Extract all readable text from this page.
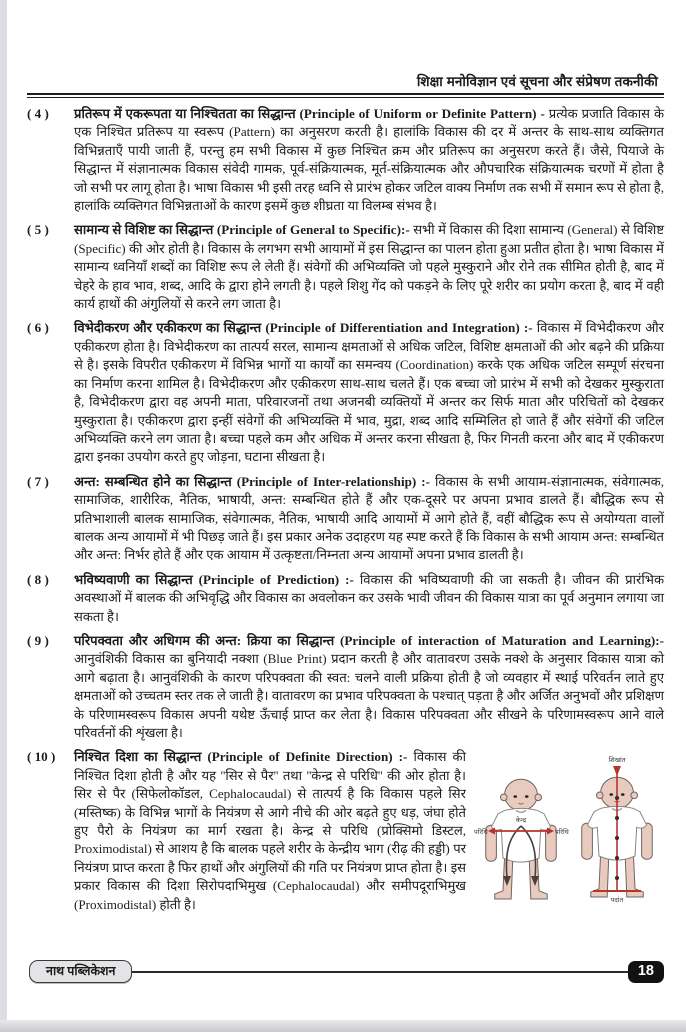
शिक्षा मनोविज्ञान एवं सूचना और संप्रेषण तकनीकी
( 4 )	प्रतिरूप में एकरूपता या निश्चितता का सिद्धान्त (Principle of Uniform or Definite Pattern) - प्रत्येक प्रजाति विकास के एक निश्चित प्रतिरूप या स्वरूप (Pattern) का अनुसरण करती है। हालांकि विकास की दर में अन्तर के साथ-साथ व्यक्तिगत विभिन्नताएँ पायी जाती हैं, परन्तु हम सभी विकास में कुछ निश्चित क्रम और प्रतिरूप का अनुसरण करते हैं। जैसे, पियाजे के सिद्धान्त में संज्ञानात्मक विकास संवेदी गामक, पूर्व-संक्रियात्मक, मूर्त-संक्रियात्मक और औपचारिक संक्रियात्मक चरणों में होता है जो सभी पर लागू होता है। भाषा विकास भी इसी तरह ध्वनि से प्रारंभ होकर जटिल वाक्य निर्माण तक सभी में समान रूप से होता है, हालांकि व्यक्तिगत विभिन्नताओं के कारण इसमें कुछ शीघ्रता या विलम्ब संभव है।
( 5 )	सामान्य से विशिष्ट का सिद्धान्त (Principle of General to Specific):- सभी में विकास की दिशा सामान्य (General) से विशिष्ट (Specific) की ओर होती है। विकास के लगभग सभी आयामों में इस सिद्धान्त का पालन होता हुआ प्रतीत होता है। भाषा विकास में सामान्य ध्वनियाँ शब्दों का विशिष्ट रूप ले लेती हैं। संवेगों की अभिव्यक्ति जो पहले मुस्कुराने और रोने तक सीमित होती है, बाद में चेहरे के हाव भाव, शब्द, आदि के द्वारा होने लगती है। पहले शिशु गेंद को पकड़ने के लिए पूरे शरीर का प्रयोग करता है, बाद में वही कार्य हाथों की अंगुलियों से करने लग जाता है।
( 6 )	विभेदीकरण और एकीकरण का सिद्धान्त (Principle of Differentiation and Integration) :- विकास में विभेदीकरण और एकीकरण होता है। विभेदीकरण का तात्पर्य सरल, सामान्य क्षमताओं से अधिक जटिल, विशिष्ट क्षमताओं की ओर बढ़ने की प्रक्रिया से है। इसके विपरीत एकीकरण में विभिन्न भागों या कार्यों का समन्वय (Coordination) करके एक अधिक जटिल सम्पूर्ण संरचना का निर्माण करना शामिल है। विभेदीकरण और एकीकरण साथ-साथ चलते हैं। एक बच्चा जो प्रारंभ में सभी को देखकर मुस्कुराता है, विभेदीकरण द्वारा वह अपनी माता, परिवारजनों तथा अजनबी व्यक्तियों में अन्तर कर सिर्फ माता और परिचितों को देखकर मुस्कुराता है। एकीकरण द्वारा इन्हीं संवेगों की अभिव्यक्ति में भाव, मुद्रा, शब्द आदि सम्मिलित हो जाते हैं और संवेगों की जटिल अभिव्यक्ति करने लग जाता है। बच्चा पहले कम और अधिक में अन्तर करना सीखता है, फिर गिनती करना और बाद में एकीकरण द्वारा इनका उपयोग करते हुए जोड़ना, घटाना सीखता है।
( 7 )	अन्त: सम्बन्धित होने का सिद्धान्त (Principle of Inter-relationship) :- विकास के सभी आयाम-संज्ञानात्मक, संवेगात्मक, सामाजिक, शारीरिक, नैतिक, भाषायी, अन्त: सम्बन्धित होते हैं और एक-दूसरे पर अपना प्रभाव डालते हैं। बौद्धिक रूप से प्रतिभाशाली बालक सामाजिक, संवेगात्मक, नैतिक, भाषायी आदि आयामों में आगे होते हैं, वहीं बौद्धिक रूप से अयोग्यता वालों बालक अन्य आयामों में भी पिछड़ जाते हैं। इस प्रकार अनेक उदाहरण यह स्पष्ट करते हैं कि विकास के सभी आयाम अन्त: सम्बन्धित और अन्त: निर्भर होते हैं और एक आयाम में उत्कृष्टता/निम्नता अन्य आयामों अपना प्रभाव डालती है।
( 8 )	भविष्यवाणी का सिद्धान्त (Principle of Prediction) :- विकास की भविष्यवाणी की जा सकती है। जीवन की प्रारंभिक अवस्थाओं में बालक की अभिवृद्धि और विकास का अवलोकन कर उसके भावी जीवन की विकास यात्रा का पूर्व अनुमान लगाया जा सकता है।
( 9 )	परिपक्वता और अधिगम की अन्त: क्रिया का सिद्धान्त (Principle of interaction of Maturation and Learning):-आनुवंशिकी विकास का बुनियादी नक्शा (Blue Print) प्रदान करती है और वातावरण उसके नक्शे के अनुसार विकास यात्रा को आगे बढ़ाता है। आनुवंशिकी के कारण परिपक्वता की स्वत: चलने वाली प्रक्रिया होती है जो व्यवहार में स्थाई परिवर्तन लाते हुए क्षमताओं को उच्चतम स्तर तक ले जाती है। वातावरण का प्रभाव परिपक्वता के पश्चात् पड़ता है और अर्जित अनुभवों और प्रशिक्षण के परिणामस्वरूप विकास अपनी यथेष्ट ऊँचाई प्राप्त कर लेता है। विकास परिपक्वता और सीखने के परिणामस्वरूप आने वाले परिवर्तनों की शृंखला है।
( 10 )
केन्द्र
परिधि	परिधि
शिखांत
पदांत
निश्चित दिशा का सिद्धान्त (Principle of Definite Direction) :- विकास की निश्चित दिशा होती है और यह ''सिर से पैर'' तथा ''केन्द्र से परिधि'' की ओर होता है। सिर से पैर (सिफेलोकॉडल, Cephalocaudal) से तात्पर्य है कि विकास पहले सिर (मस्तिष्क) के विभिन्न भागों के नियंत्रण से आगे नीचे की ओर बढ़ते हुए धड़, जंघा होते हुए पैरो के नियंत्रण का मार्ग रखता है। केन्द्र से परिधि (प्रोक्सिमो डिस्टल, Proximodistal) से आशय है कि बालक पहले शरीर के केन्द्रीय भाग (रीढ़ की हड्डी) पर नियंत्रण प्राप्त करता है फिर हाथों और अंगुलियों की गति पर नियंत्रण प्राप्त होता है। इस प्रकार विकास की दिशा सिरोपदाभिमुख (Cephalocaudal) और समीपदूराभिमुख (Proximodistal) होती है।
नाथ पब्लिकेशन	18
